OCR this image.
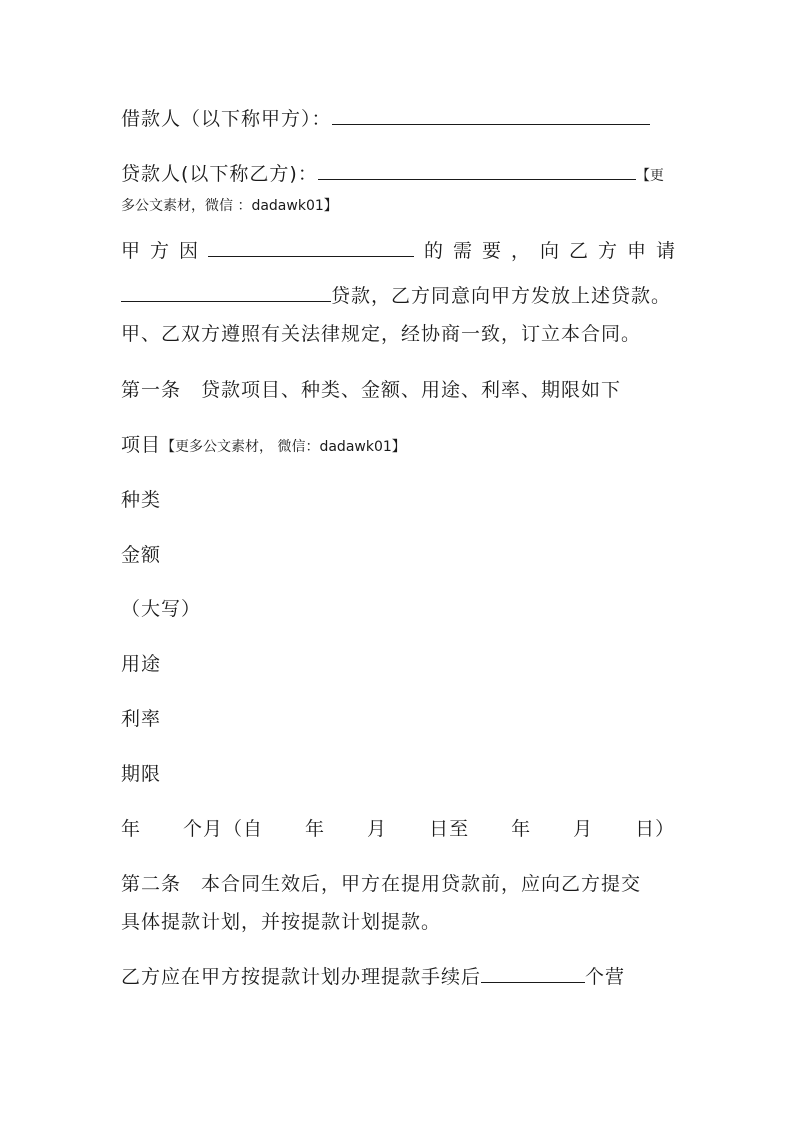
借款人（以下称甲方）：
贷款人(以下称乙方)：	【更
多公文素材，微信 ：dadawk01】
甲方因	的需要，向乙方申请
贷款，乙方同意向甲方发放上述贷款。
甲、乙双方遵照有关法律规定，经协商一致，订立本合同。
第一条　贷款项目、种类、金额、用途、利率、期限如下
项目【更多公文素材， 微信：dadawk01】
种类
金额
（大写）
用途
利率
期限
年 个月（自 年 月 日至 年 月 日）
第二条　本合同生效后，甲方在提用贷款前，应向乙方提交
具体提款计划，并按提款计划提款。
乙方应在甲方按提款计划办理提款手续后	个营
